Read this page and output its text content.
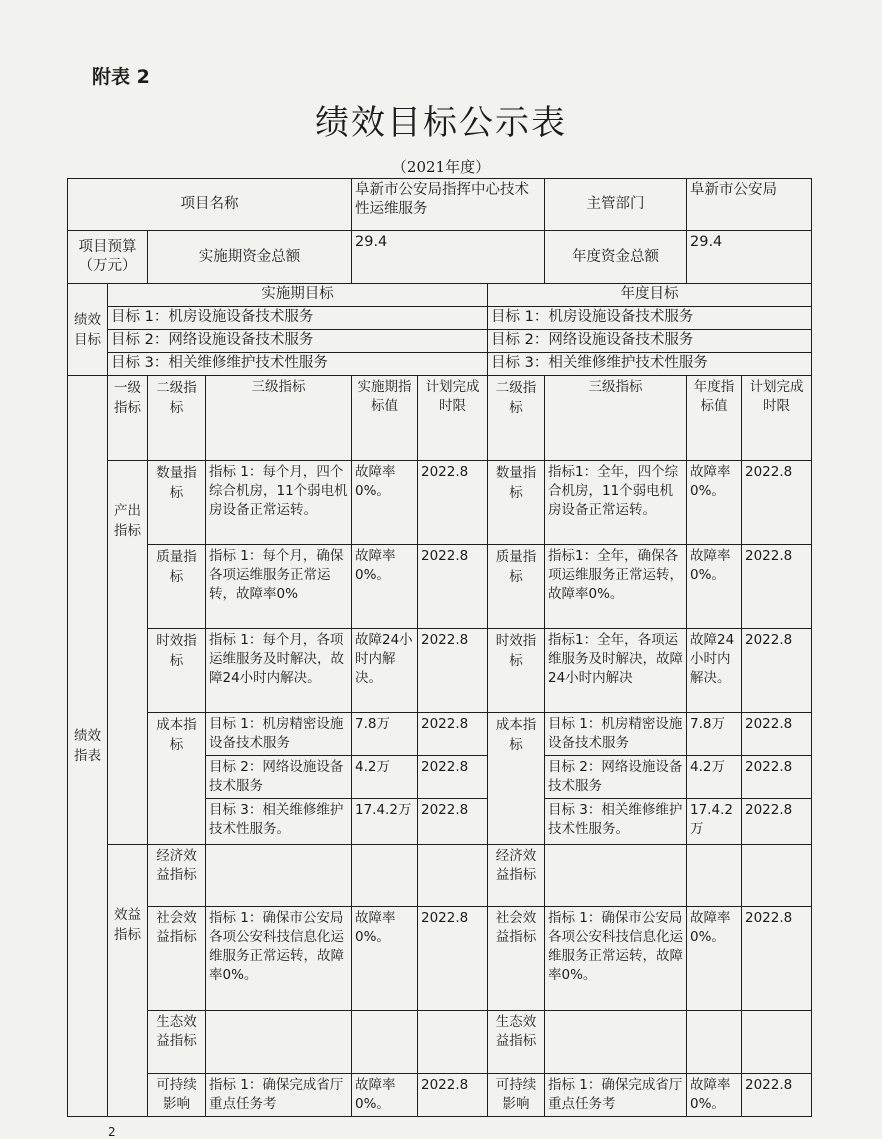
附表 2
绩效目标公示表
（2021年度）
项目名称				阜新市公安局指挥中心技术性运维服务			主管部门	阜新市公安局	
项目预算（万元）		实施期资金总额		29.4			年度资金总额	29.4	
绩效目标	实施期目标					年度目标			
	目标 1：机房设施设备技术服务					目标 1：机房设施设备技术服务			
	目标 2：网络设施设备技术服务					目标 2：网络设施设备技术服务			
	目标 3：相关维修维护技术性服务					目标 3：相关维修维护技术性服务			
绩效指表	一级指标	二级指标	三级指标	实施期指标值	计划完成时限	二级指标	三级指标	年度指标值	计划完成时限
	产出指标	数量指标	指标 1：每个月，四个综合机房，11个弱电机房设备正常运转。	故障率0%。	2022.8	数量指标	指标1：全年，四个综合机房，11个弱电机房设备正常运转。	故障率0%。	2022.8
		质量指标	指标 1：每个月，确保各项运维服务正常运转，故障率0%	故障率0%。	2022.8	质量指标	指标1：全年，确保各项运维服务正常运转，故障率0%。	故障率0%。	2022.8
		时效指标	指标 1：每个月，各项运维服务及时解决，故障24小时内解决。	故障24小时内解决。	2022.8	时效指标	指标1：全年，各项运维服务及时解决，故障24小时内解决	故障24小时内解决。	2022.8
		成本指标	目标 1：机房精密设施设备技术服务	7.8万	2022.8	成本指标	目标 1：机房精密设施设备技术服务	7.8万	2022.8
			目标 2：网络设施设备技术服务	4.2万	2022.8		目标 2：网络设施设备技术服务	4.2万	2022.8
			目标 3：相关维修维护技术性服务。	17.4.2万	2022.8		目标 3：相关维修维护技术性服务。	17.4.2万	2022.8
	效益指标	经济效益指标				经济效益指标			
		社会效益指标	指标 1：确保市公安局各项公安科技信息化运维服务正常运转，故障率0%。	故障率0%。	2022.8	社会效益指标	指标 1：确保市公安局各项公安科技信息化运维服务正常运转，故障率0%。	故障率0%。	2022.8
		生态效益指标				生态效益指标			
		可持续影响	指标 1：确保完成省厅重点任务考	故障率0%。	2022.8	可持续影响	指标 1：确保完成省厅重点任务考	故障率0%。	2022.8
2
